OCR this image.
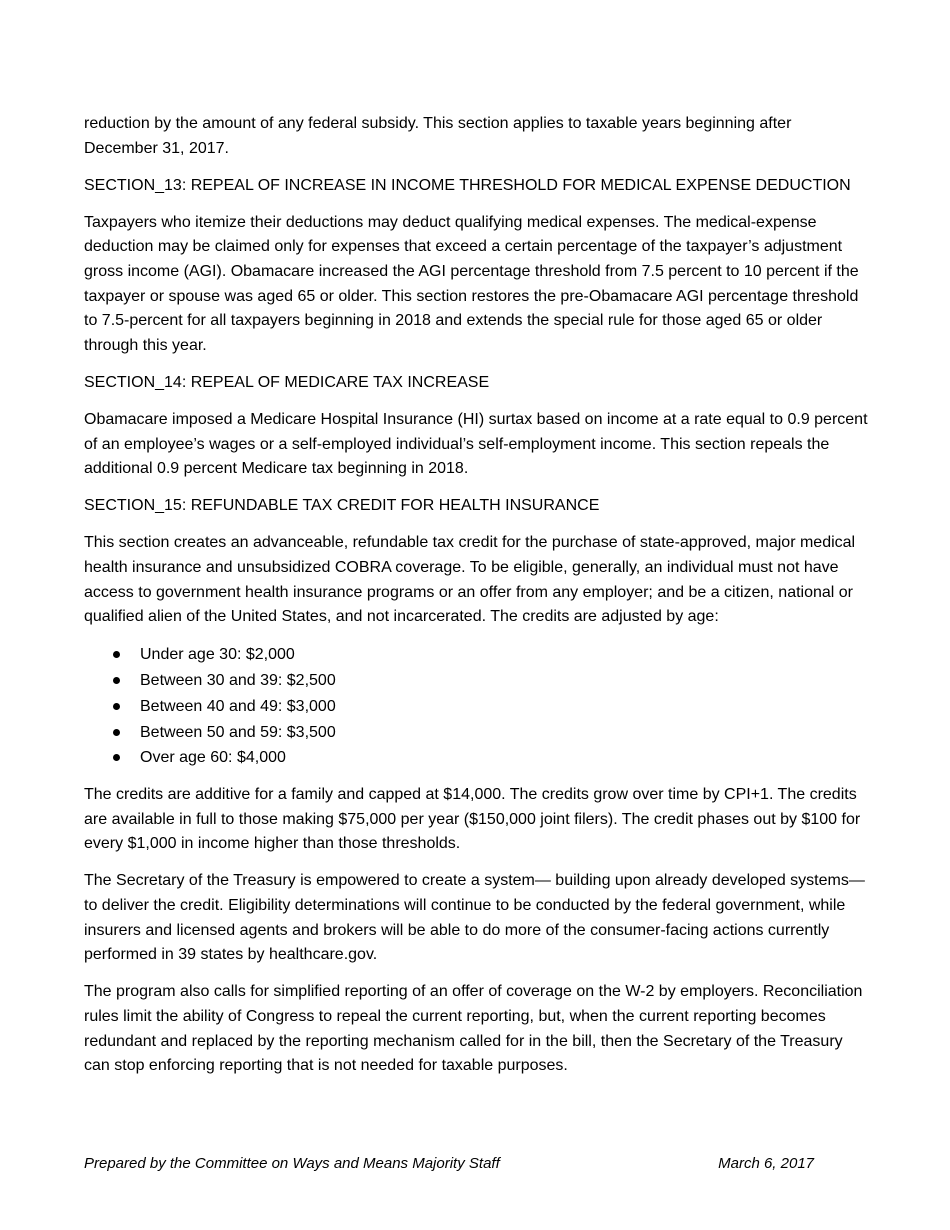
reduction by the amount of any federal subsidy. This section applies to taxable years beginning after December 31, 2017.

SECTION_13: REPEAL OF INCREASE IN INCOME THRESHOLD FOR MEDICAL EXPENSE DEDUCTION

Taxpayers who itemize their deductions may deduct qualifying medical expenses. The medical-expense deduction may be claimed only for expenses that exceed a certain percentage of the taxpayer’s adjustment gross income (AGI). Obamacare increased the AGI percentage threshold from 7.5 percent to 10 percent if the taxpayer or spouse was aged 65 or older. This section restores the pre-Obamacare AGI percentage threshold to 7.5-percent for all taxpayers beginning in 2018 and extends the special rule for those aged 65 or older through this year.

SECTION_14: REPEAL OF MEDICARE TAX INCREASE

Obamacare imposed a Medicare Hospital Insurance (HI) surtax based on income at a rate equal to 0.9 percent of an employee’s wages or a self-employed individual’s self-employment income. This section repeals the additional 0.9 percent Medicare tax beginning in 2018.

SECTION_15: REFUNDABLE TAX CREDIT FOR HEALTH INSURANCE

This section creates an advanceable, refundable tax credit for the purchase of state-approved, major medical health insurance and unsubsidized COBRA coverage. To be eligible, generally, an individual must not have access to government health insurance programs or an offer from any employer; and be a citizen, national or qualified alien of the United States, and not incarcerated. The credits are adjusted by age:

Under age 30: $2,000
Between 30 and 39: $2,500
Between 40 and 49: $3,000
Between 50 and 59: $3,500
Over age 60: $4,000

The credits are additive for a family and capped at $14,000. The credits grow over time by CPI+1. The credits are available in full to those making $75,000 per year ($150,000 joint filers). The credit phases out by $100 for every $1,000 in income higher than those thresholds.

The Secretary of the Treasury is empowered to create a system— building upon already developed systems— to deliver the credit. Eligibility determinations will continue to be conducted by the federal government, while insurers and licensed agents and brokers will be able to do more of the consumer-facing actions currently performed in 39 states by healthcare.gov.

The program also calls for simplified reporting of an offer of coverage on the W-2 by employers. Reconciliation rules limit the ability of Congress to repeal the current reporting, but, when the current reporting becomes redundant and replaced by the reporting mechanism called for in the bill, then the Secretary of the Treasury can stop enforcing reporting that is not needed for taxable purposes.

Prepared by the Committee on Ways and Means Majority Staff	March 6, 2017
